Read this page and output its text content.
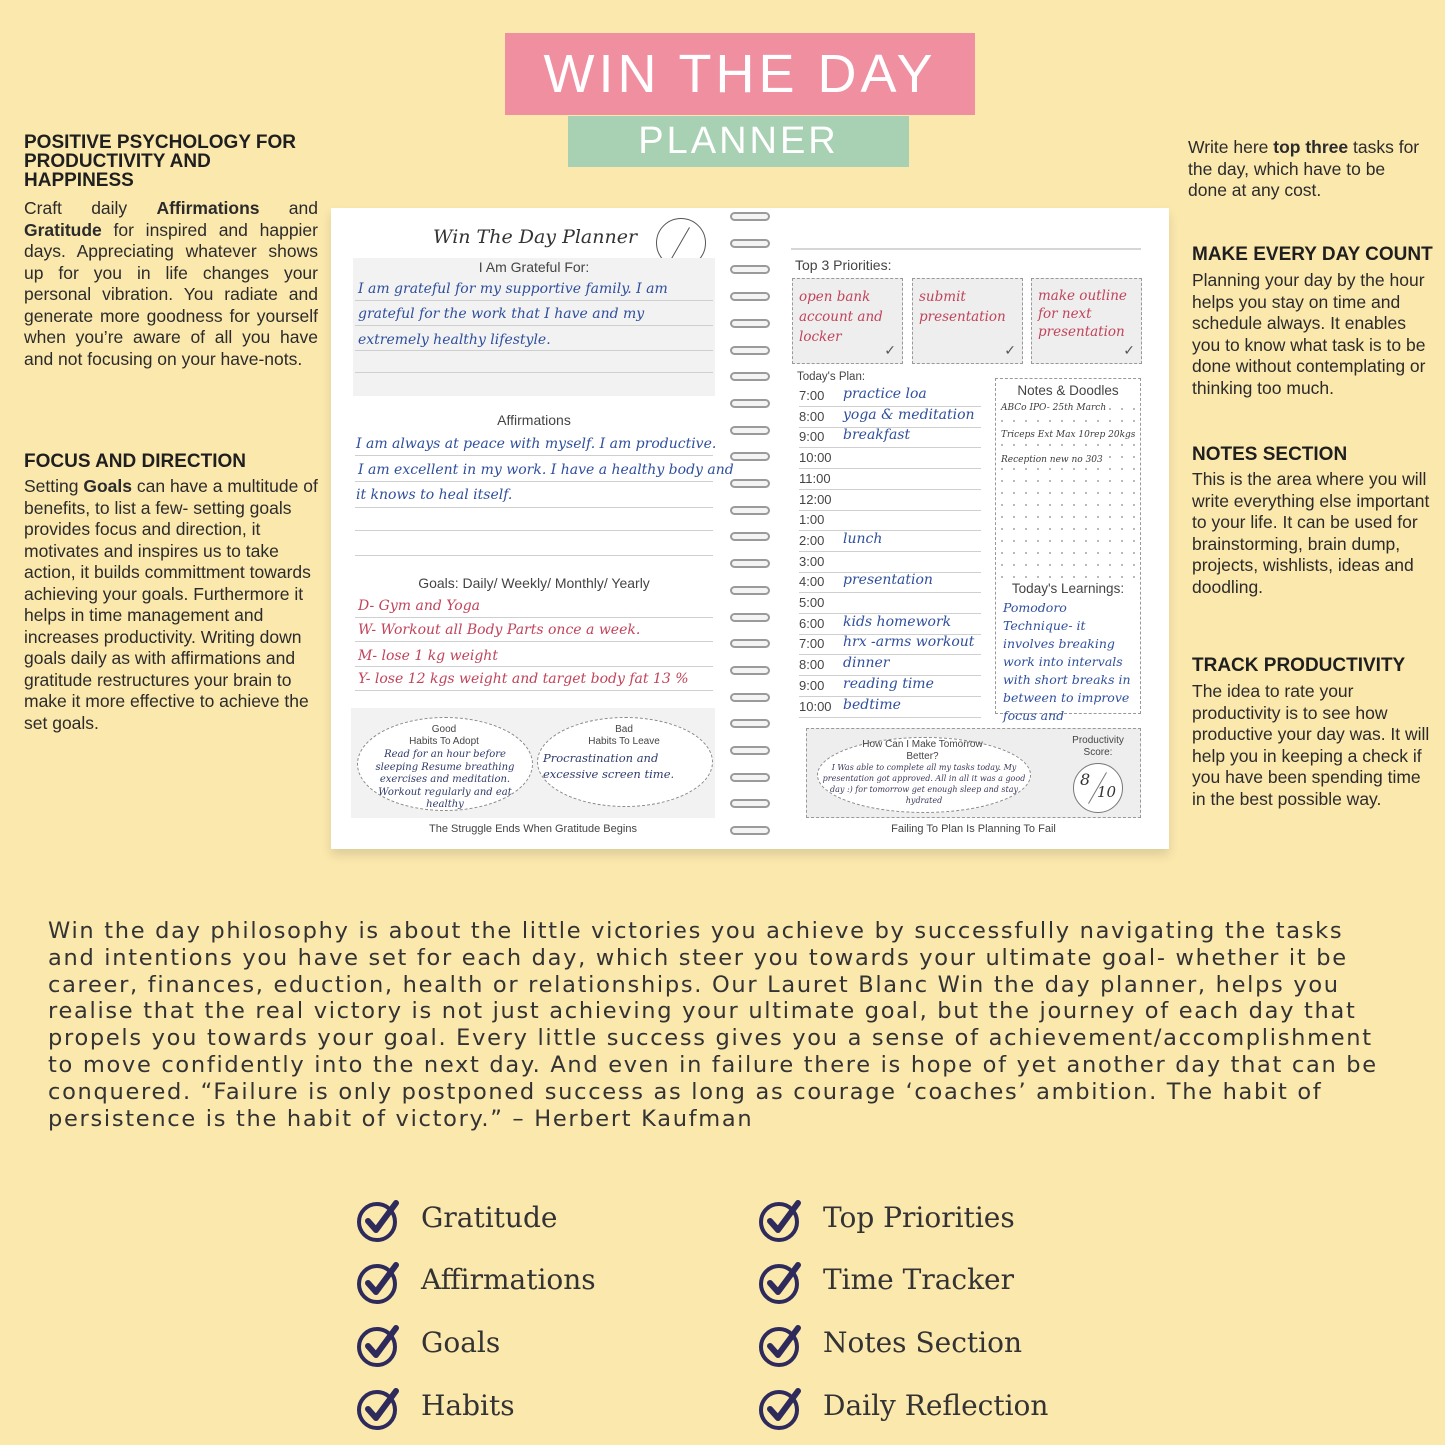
WIN THE DAY
PLANNER
POSITIVE PSYCHOLOGY FOR PRODUCTIVITY AND HAPPINESS
Craft daily Affirmations and Gratitude for inspired and happier days. Appreciating whatever shows up for you in life changes your personal vibration. You radiate and generate more goodness for yourself when you’re aware of all you have and not focusing on your have-nots.
FOCUS AND DIRECTION
Setting Goals can have a multitude of benefits, to list a few- setting goals provides focus and direction, it motivates and inspires us to take action, it builds committment towards achieving your goals. Furthermore it helps in time management and increases productivity. Writing down goals daily as with affirmations and gratitude restructures your brain to make it more effective to achieve the set goals.
Write here top three tasks for the day, which have to be done at any cost.
MAKE EVERY DAY COUNT
Planning your day by the hour helps you stay on time and schedule always. It enables you to know what task is to be done without contemplating or thinking too much.
NOTES SECTION
This is the area where you will write everything else important to your life. It can be used for brainstorming, brain dump, projects, wishlists, ideas and doodling.
TRACK PRODUCTIVITY
The idea to rate your productivity is to see how productive your day was. It will help you in keeping a check if you have been spending time in the best possible way.
Win The Day Planner
I Am Grateful For:
I am grateful for my supportive family. I am
grateful for the work that I have and my
extremely healthy lifestyle.
Affirmations
I am always at peace with myself. I am productive.
I am excellent in my work. I have a healthy body and
it knows to heal itself.
Goals: Daily/ Weekly/ Monthly/ Yearly
D- Gym and Yoga
W- Workout all Body Parts once a week.
M- lose 1 kg weight
Y- lose 12 kgs weight and target body fat 13 %
Good
Habits To Adopt
Read for an hour before sleeping Resume breathing exercises and meditation. Workout regularly and eat healthy
Bad
Habits To Leave
Procrastination and excessive screen time.
The Struggle Ends When Gratitude Begins
Top 3 Priorities:
open bank account and locker
✓
submit presentation
✓
make outline for next presentation
✓
Today's Plan:
7:00 practice loa
8:00 yoga & meditation
9:00 breakfast
10:00
11:00
12:00
1:00
2:00 lunch
3:00
4:00 presentation
5:00
6:00 kids homework
7:00 hrx -arms workout
8:00 dinner
9:00 reading time
10:00 bedtime
Notes & Doodles
ABCo IPO- 25th March
Triceps Ext Max 10rep 20kgs
Reception new no 303
Today's Learnings:
Pomodoro Technique- it involves breaking work into intervals with short breaks in between to improve focus and
How Can I Make Tomorrow Better?
I Was able to complete all my tasks today. My presentation got approved. All in all it was a good day :) for tomorrow get enough sleep and stay hydrated
Productivity Score:
8
10
Failing To Plan Is Planning To Fail
Win the day philosophy is about the little victories you achieve by successfully navigating the tasks and intentions you have set for each day, which steer you towards your ultimate goal- whether it be career, finances, eduction, health or relationships. Our Lauret Blanc Win the day planner, helps you realise that the real victory is not just achieving your ultimate goal, but the journey of each day that propels you towards your goal. Every little success gives you a sense of achievement/accomplishment to move confidently into the next day. And even in failure there is hope of yet another day that can be conquered. “Failure is only postponed success as long as courage ‘coaches’ ambition. The habit of persistence is the habit of victory.” – Herbert Kaufman
Gratitude
Affirmations
Goals
Habits
Top Priorities
Time Tracker
Notes Section
Daily Reflection
